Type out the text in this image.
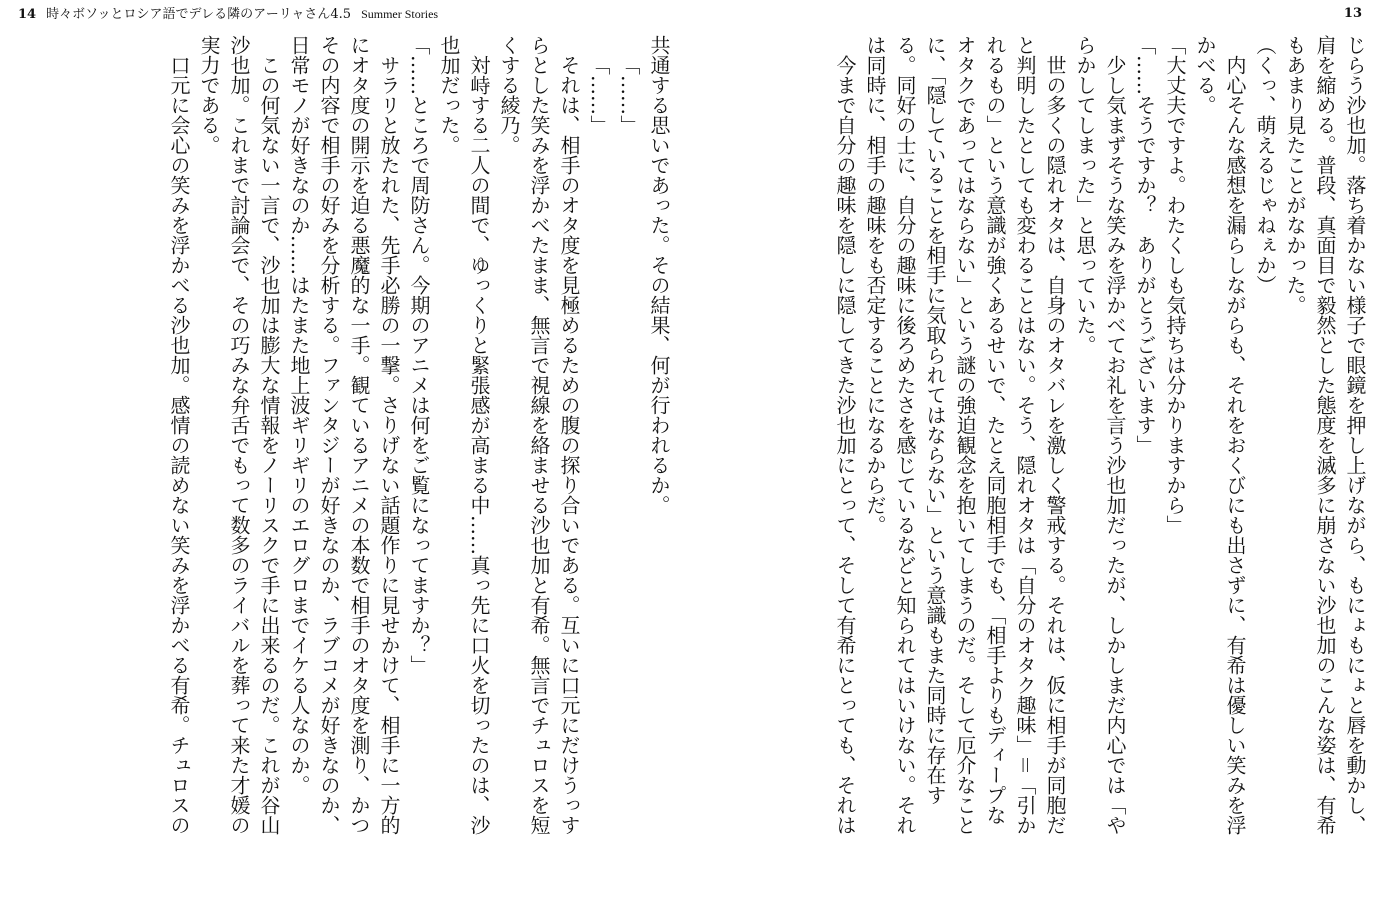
14 時々ボソッとロシア語でデレる隣のアーリャさん4.5 Summer Stories	13
じらう沙也加。落ち着かない様子で眼鏡を押し上げながら、もにょもにょと唇を動かし、
肩を縮める。普段、真面目で毅然とした態度を滅多に崩さない沙也加のこんな姿は、有希
もあまり見たことがなかった。
（くっ、萌えるじゃねぇか）
内心そんな感想を漏らしながらも、それをおくびにも出さずに、有希は優しい笑みを浮
かべる。
「大丈夫ですよ。わたくしも気持ちは分かりますから」
「……そうですか？　ありがとうございます」
少し気まずそうな笑みを浮かべてお礼を言う沙也加だったが、しかしまだ内心では「や
らかしてしまった」と思っていた。
世の多くの隠れオタは、自身のオタバレを激しく警戒する。それは、仮に相手が同胞だ
と判明したとしても変わることはない。そう、隠れオタは「自分のオタク趣味」＝「引か
れるもの」という意識が強くあるせいで、たとえ同胞相手でも、「相手よりもディープな
オタクであってはならない」という謎の強迫観念を抱いてしまうのだ。そして厄介なこと
に、「隠していることを相手に気取られてはならない」という意識もまた同時に存在す
る。同好の士に、自分の趣味に後ろめたさを感じているなどと知られてはいけない。それ
は同時に、相手の趣味をも否定することになるからだ。
今まで自分の趣味を隠しに隠してきた沙也加にとって、そして有希にとっても、それは
共通する思いであった。その結果、何が行われるか。
「……」
「……」
それは、相手のオタ度を見極めるための腹の探り合いである。互いに口元にだけうっす
らとした笑みを浮かべたまま、無言で視線を絡ませる沙也加と有希。無言でチュロスを短
くする綾乃。
対峙する二人の間で、ゆっくりと緊張感が高まる中……真っ先に口火を切ったのは、沙
也加だった。
「……ところで周防さん。今期のアニメは何をご覧になってますか？」
サラリと放たれた、先手必勝の一撃。さりげない話題作りに見せかけて、相手に一方的
にオタ度の開示を迫る悪魔的な一手。観ているアニメの本数で相手のオタ度を測り、かつ
その内容で相手の好みを分析する。ファンタジーが好きなのか、ラブコメが好きなのか、
日常モノが好きなのか……はたまた地上波ギリギリのエログロまでイケる人なのか。
この何気ない一言で、沙也加は膨大な情報をノーリスクで手に出来るのだ。これが谷山
沙也加。これまで討論会で、その巧みな弁舌でもって数多のライバルを葬って来た才媛の
実力である。
口元に会心の笑みを浮かべる沙也加。感情の読めない笑みを浮かべる有希。チュロスの
